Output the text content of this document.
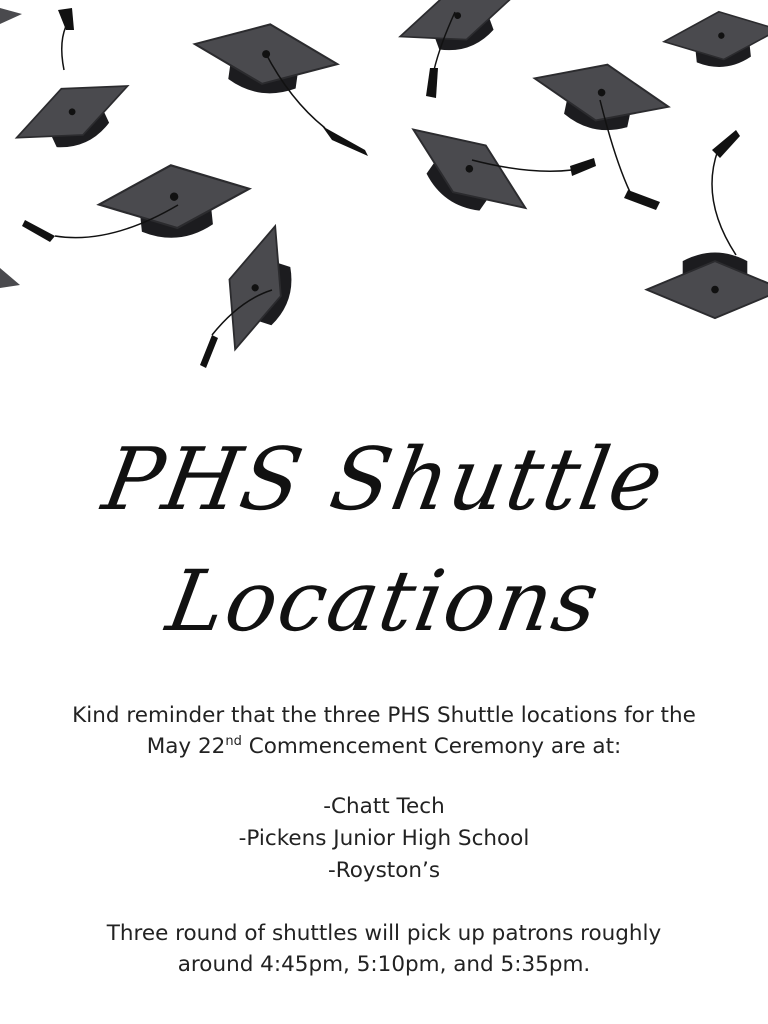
PHS Shuttle
Locations
Kind reminder that the three PHS Shuttle locations for the
May 22nd Commencement Ceremony are at:
-Chatt Tech
-Pickens Junior High School
-Royston’s
Three round of shuttles will pick up patrons roughly
around 4:45pm, 5:10pm, and 5:35pm.
